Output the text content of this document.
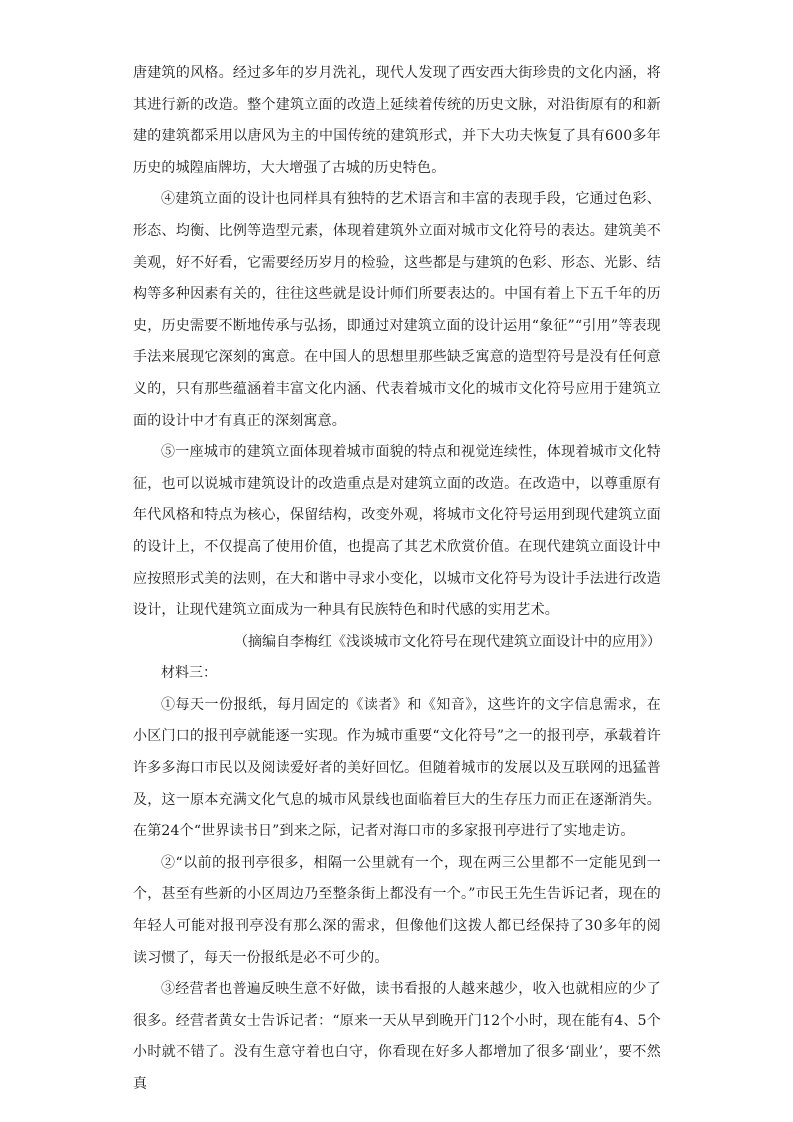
唐建筑的风格。经过多年的岁月洗礼，现代人发现了西安西大街珍贵的文化内涵，将其进行新的改造。整个建筑立面的改造上延续着传统的历史文脉，对沿街原有的和新建的建筑都采用以唐风为主的中国传统的建筑形式，并下大功夫恢复了具有600多年历史的城隍庙牌坊，大大增强了古城的历史特色。

④建筑立面的设计也同样具有独特的艺术语言和丰富的表现手段，它通过色彩、形态、均衡、比例等造型元素，体现着建筑外立面对城市文化符号的表达。建筑美不美观，好不好看，它需要经历岁月的检验，这些都是与建筑的色彩、形态、光影、结构等多种因素有关的，往往这些就是设计师们所要表达的。中国有着上下五千年的历史，历史需要不断地传承与弘扬，即通过对建筑立面的设计运用“象征”“引用”等表现手法来展现它深刻的寓意。在中国人的思想里那些缺乏寓意的造型符号是没有任何意义的，只有那些蕴涵着丰富文化内涵、代表着城市文化的城市文化符号应用于建筑立面的设计中才有真正的深刻寓意。

⑤一座城市的建筑立面体现着城市面貌的特点和视觉连续性，体现着城市文化特征，也可以说城市建筑设计的改造重点是对建筑立面的改造。在改造中，以尊重原有年代风格和特点为核心，保留结构，改变外观，将城市文化符号运用到现代建筑立面的设计上，不仅提高了使用价值，也提高了其艺术欣赏价值。在现代建筑立面设计中应按照形式美的法则，在大和谐中寻求小变化，以城市文化符号为设计手法进行改造设计，让现代建筑立面成为一种具有民族特色和时代感的实用艺术。

（摘编自李梅红《浅谈城市文化符号在现代建筑立面设计中的应用》）

材料三：

①每天一份报纸，每月固定的《读者》和《知音》，这些许的文字信息需求，在小区门口的报刊亭就能逐一实现。作为城市重要“文化符号”之一的报刊亭，承载着许许多多海口市民以及阅读爱好者的美好回忆。但随着城市的发展以及互联网的迅猛普及，这一原本充满文化气息的城市风景线也面临着巨大的生存压力而正在逐渐消失。在第24个“世界读书日”到来之际，记者对海口市的多家报刊亭进行了实地走访。

②“以前的报刊亭很多，相隔一公里就有一个，现在两三公里都不一定能见到一个，甚至有些新的小区周边乃至整条街上都没有一个。”市民王先生告诉记者，现在的年轻人可能对报刊亭没有那么深的需求，但像他们这拨人都已经保持了30多年的阅读习惯了，每天一份报纸是必不可少的。

③经营者也普遍反映生意不好做，读书看报的人越来越少，收入也就相应的少了很多。经营者黄女士告诉记者：“原来一天从早到晚开门12个小时，现在能有4、5个小时就不错了。没有生意守着也白守，你看现在好多人都增加了很多‘副业’，要不然真
